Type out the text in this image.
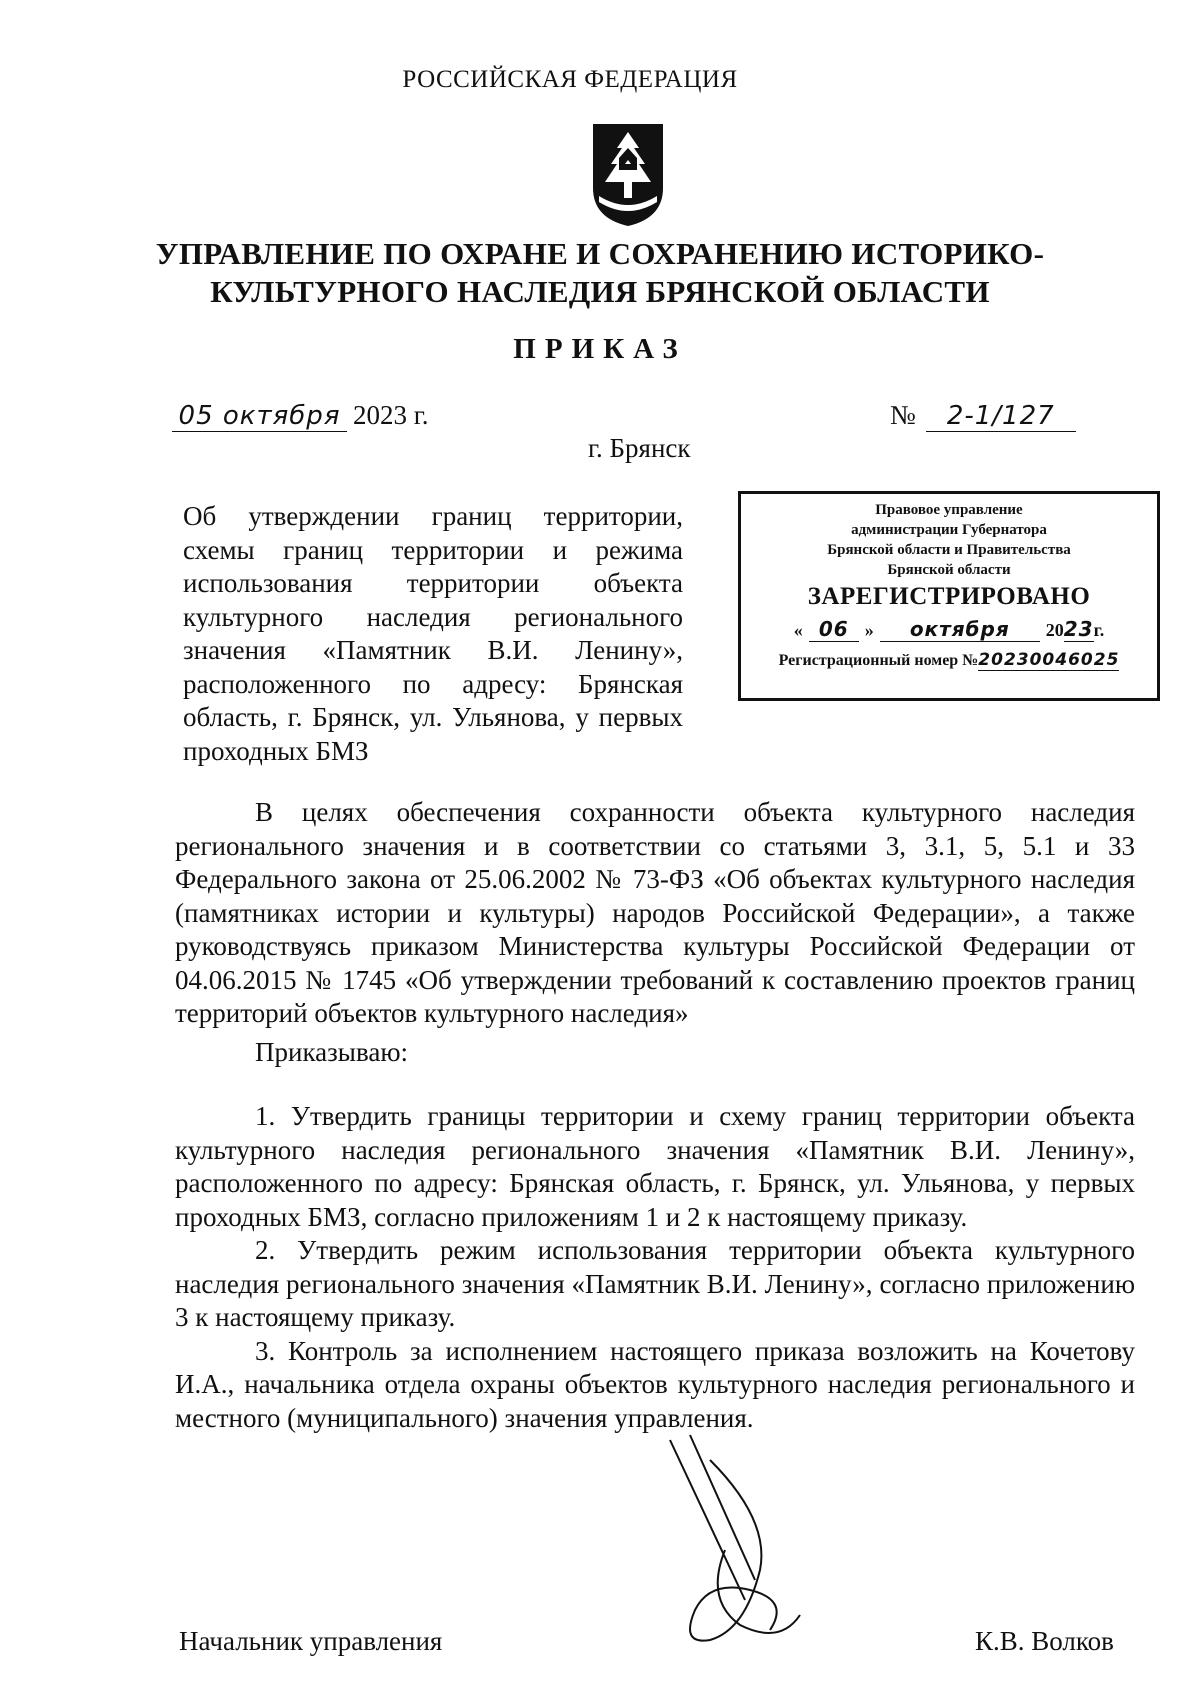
РОССИЙСКАЯ ФЕДЕРАЦИЯ
УПРАВЛЕНИЕ ПО ОХРАНЕ И СОХРАНЕНИЮ ИСТОРИКО-
КУЛЬТУРНОГО НАСЛЕДИЯ БРЯНСКОЙ ОБЛАСТИ
ПРИКАЗ
05 октября 2023 г.	№	2-1/127
г. Брянск
Об утверждении границ территории, схемы границ территории и режима использования территории объекта культурного наследия регионального значения «Памятник В.И. Ленину», расположенного по адресу: Брянская область, г. Брянск, ул. Ульянова, у первых проходных БМЗ
Правовое управление
администрации Губернатора
Брянской области и Правительства
Брянской области
ЗАРЕГИСТРИРОВАНО
« 06 »	октября	2023г.
Регистрационный номер № 20230046025
В целях обеспечения сохранности объекта культурного наследия регионального значения и в соответствии со статьями 3, 3.1, 5, 5.1 и 33 Федерального закона от 25.06.2002 № 73-ФЗ «Об объектах культурного наследия (памятниках истории и культуры) народов Российской Федерации», а также руководствуясь приказом Министерства культуры Российской Федерации от 04.06.2015 № 1745 «Об утверждении требований к составлению проектов границ территорий объектов культурного наследия»
Приказываю:

1. Утвердить границы территории и схему границ территории объекта культурного наследия регионального значения «Памятник В.И. Ленину», расположенного по адресу: Брянская область, г. Брянск, ул. Ульянова, у первых проходных БМЗ, согласно приложениям 1 и 2 к настоящему приказу.

2. Утвердить режим использования территории объекта культурного наследия регионального значения «Памятник В.И. Ленину», согласно приложению 3 к настоящему приказу.

3. Контроль за исполнением настоящего приказа возложить на Кочетову И.А., начальника отдела охраны объектов культурного наследия регионального и местного (муниципального) значения управления.

Начальник управления	К.В. Волков
